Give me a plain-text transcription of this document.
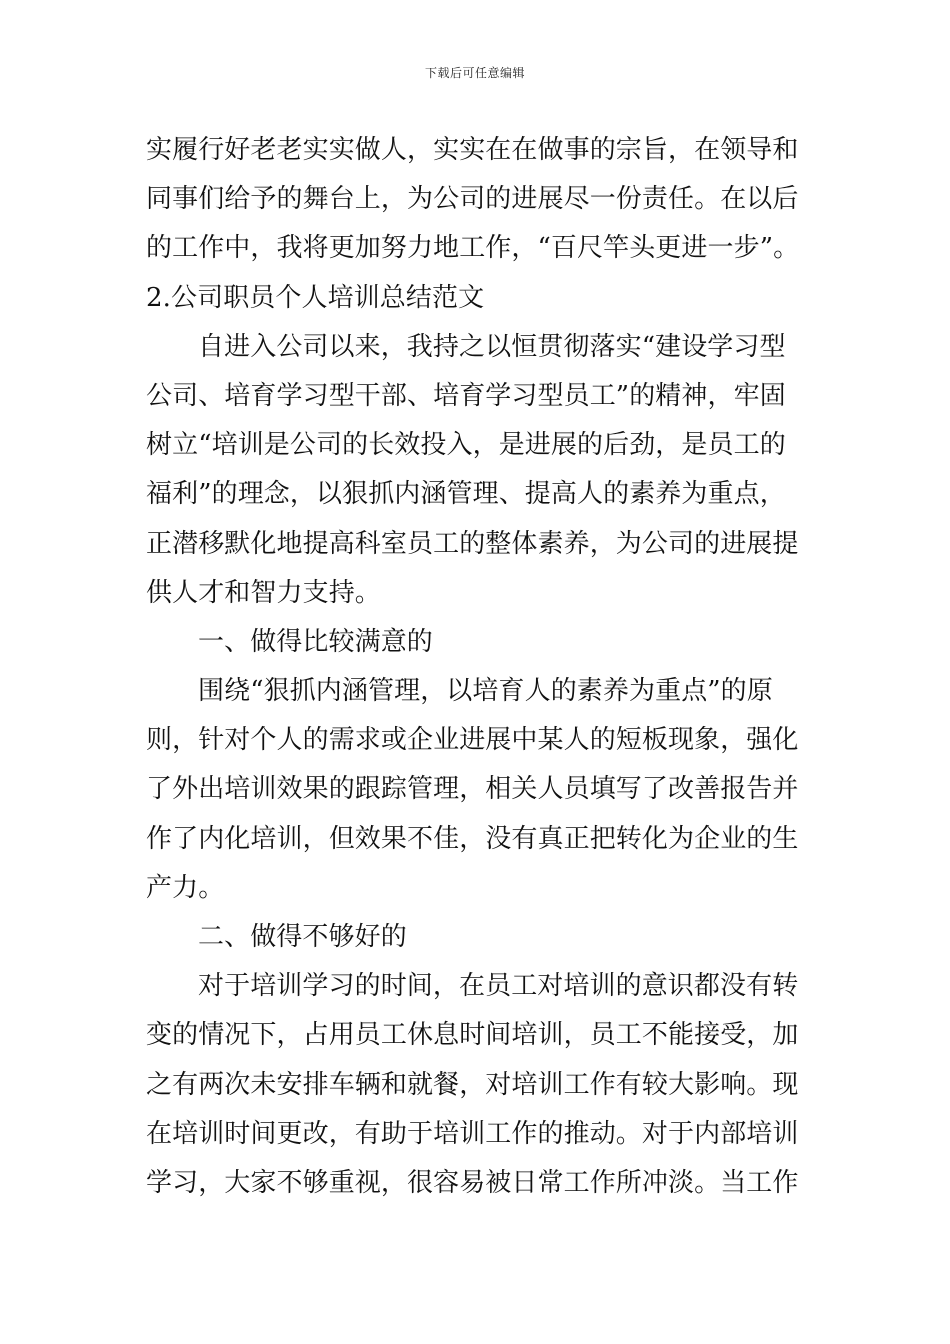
下载后可任意编辑
实履行好老老实实做人，实实在在做事的宗旨，在领导和
同事们给予的舞台上，为公司的进展尽一份责任。在以后
的工作中，我将更加努力地工作，“百尺竿头更进一步”。
2.公司职员个人培训总结范文
自进入公司以来，我持之以恒贯彻落实“建设学习型
公司、培育学习型干部、培育学习型员工”的精神，牢固
树立“培训是公司的长效投入，是进展的后劲，是员工的
福利”的理念，以狠抓内涵管理、提高人的素养为重点，
正潜移默化地提高科室员工的整体素养，为公司的进展提
供人才和智力支持。
一、做得比较满意的
围绕“狠抓内涵管理，以培育人的素养为重点”的原
则，针对个人的需求或企业进展中某人的短板现象，强化
了外出培训效果的跟踪管理，相关人员填写了改善报告并
作了内化培训，但效果不佳，没有真正把转化为企业的生
产力。
二、做得不够好的
对于培训学习的时间，在员工对培训的意识都没有转
变的情况下，占用员工休息时间培训，员工不能接受，加
之有两次未安排车辆和就餐，对培训工作有较大影响。现
在培训时间更改，有助于培训工作的推动。对于内部培训
学习，大家不够重视，很容易被日常工作所冲淡。当工作
